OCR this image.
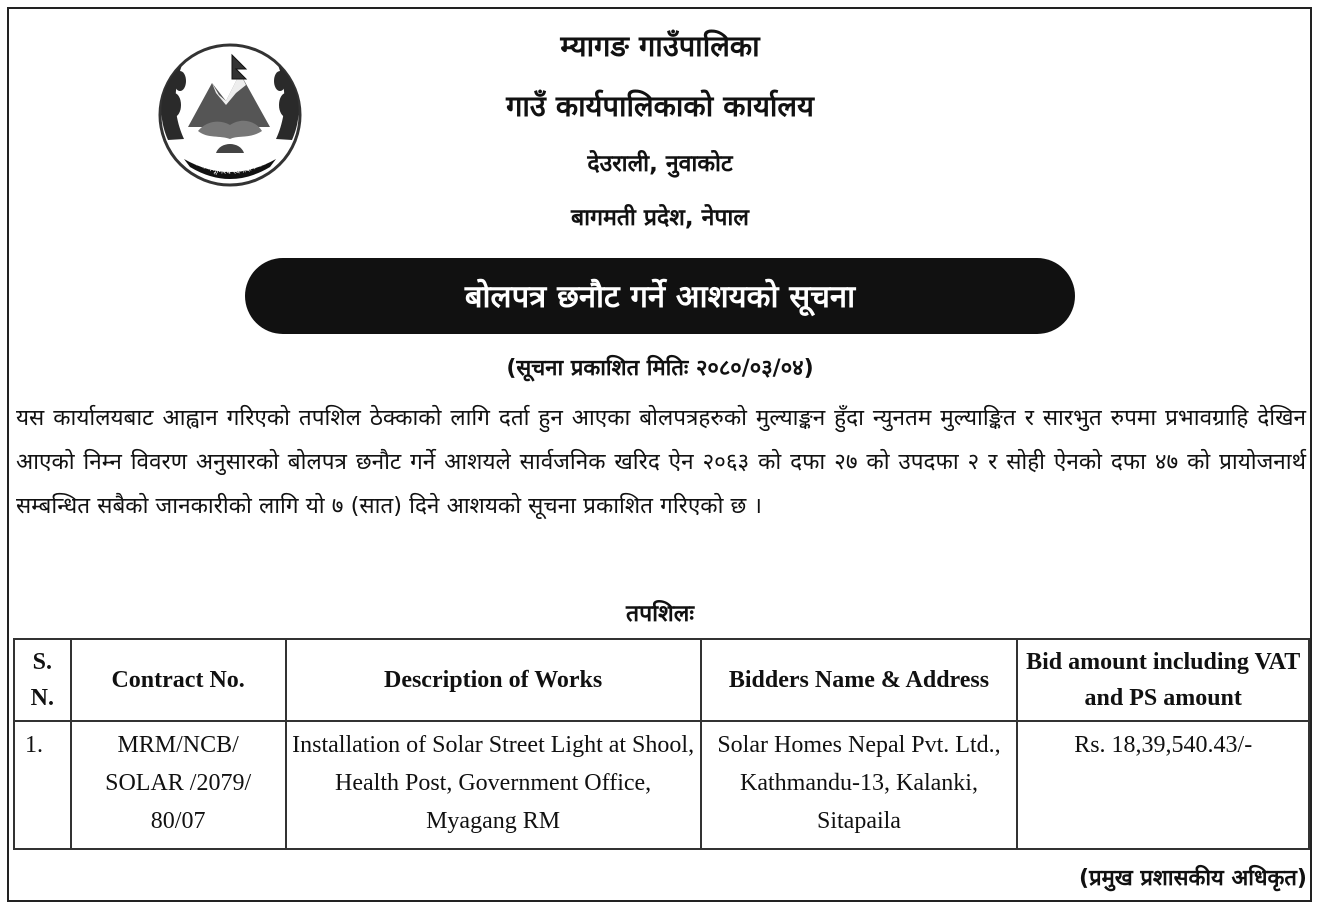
जननी जन्मभूमिश्च स्वर्गादपि गरीयसी
म्यागङ गाउँपालिका
गाउँ कार्यपालिकाको कार्यालय
देउराली, नुवाकोट
बागमती प्रदेश, नेपाल
बोलपत्र छनौट गर्ने आशयको सूचना
(सूचना प्रकाशित मितिः २०८०/०३/०४)

यस कार्यालयबाट आह्वान गरिएको तपशिल ठेक्काको लागि दर्ता हुन आएका बोलपत्रहरुको मुल्याङ्कन हुँदा न्युनतम मुल्याङ्कित र सारभुत रुपमा प्रभावग्राहि देखिन आएको निम्न विवरण अनुसारको बोलपत्र छनौट गर्ने आशयले सार्वजनिक खरिद ऐन २०६३ को दफा २७ को उपदफा २ र सोही ऐनको दफा ४७ को प्रायोजनार्थ सम्बन्धित सबैको जानकारीको लागि यो ७ (सात) दिने आशयको सूचना प्रकाशित गरिएको छ ।

तपशिलः
S. N.	Contract No.	Description of Works	Bidders Name & Address	Bid amount including VAT and PS amount
1.	MRM/NCB/ SOLAR /2079/ 80/07	Installation of Solar Street Light at Shool, Health Post, Government Office, Myagang RM	Solar Homes Nepal Pvt. Ltd., Kathmandu-13, Kalanki, Sitapaila	Rs. 18,39,540.43/-
(प्रमुख प्रशासकीय अधिकृत)
